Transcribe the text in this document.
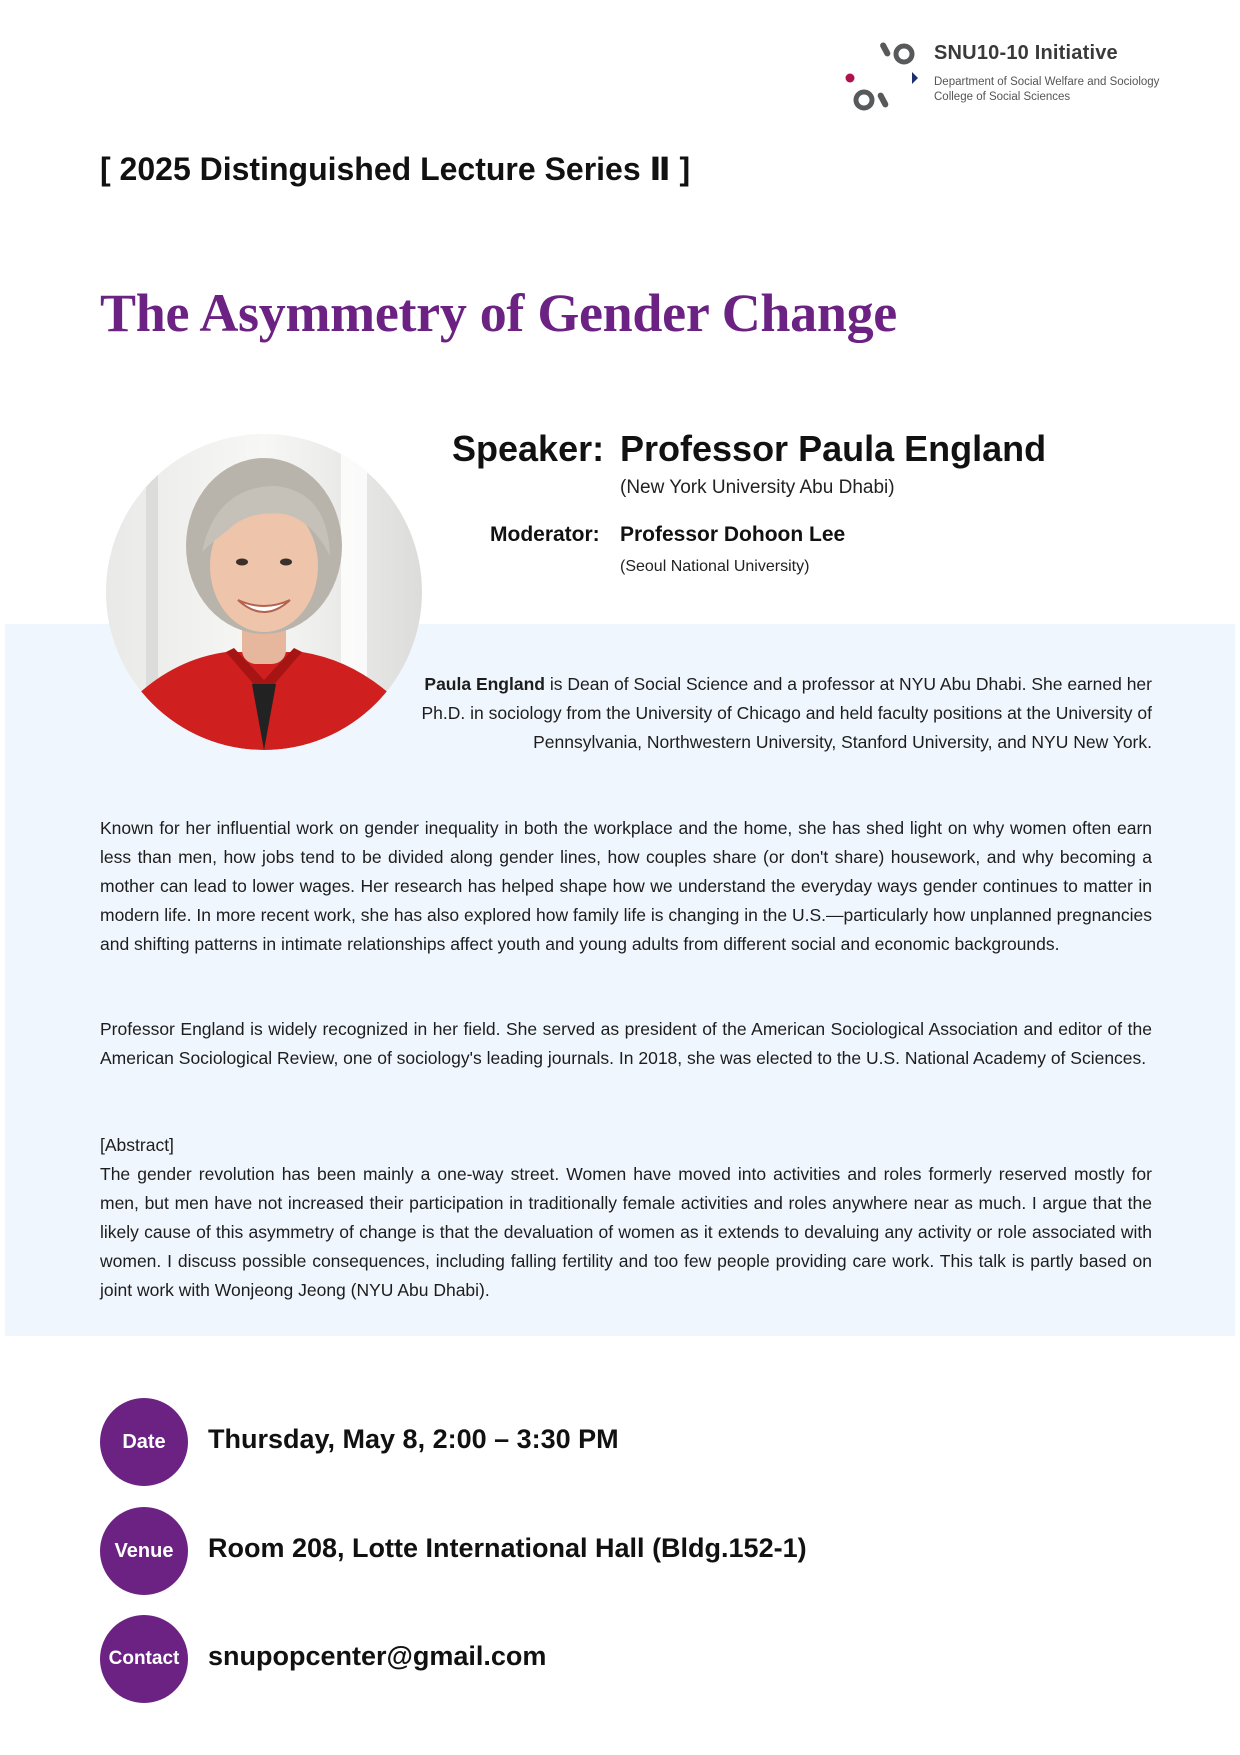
SNU10-10 Initiative
Department of Social Welfare and Sociology
College of Social Sciences
[ 2025 Distinguished Lecture Series Ⅱ ]
The Asymmetry of Gender Change
Speaker: Professor Paula England
(New York University Abu Dhabi)
Moderator: Professor Dohoon Lee
(Seoul National University)
Paula England is Dean of Social Science and a professor at NYU Abu Dhabi. She earned her Ph.D. in sociology from the University of Chicago and held faculty positions at the University of Pennsylvania, Northwestern University, Stanford University, and NYU New York.
Known for her influential work on gender inequality in both the workplace and the home, she has shed light on why women often earn less than men, how jobs tend to be divided along gender lines, how couples share (or don't share) housework, and why becoming a mother can lead to lower wages. Her research has helped shape how we understand the everyday ways gender continues to matter in modern life. In more recent work, she has also explored how family life is changing in the U.S.—particularly how unplanned pregnancies and shifting patterns in intimate relationships affect youth and young adults from different social and economic backgrounds.
Professor England is widely recognized in her field. She served as president of the American Sociological Association and editor of the American Sociological Review, one of sociology's leading journals. In 2018, she was elected to the U.S. National Academy of Sciences.
[Abstract]
The gender revolution has been mainly a one-way street. Women have moved into activities and roles formerly reserved mostly for men, but men have not increased their participation in traditionally female activities and roles anywhere near as much. I argue that the likely cause of this asymmetry of change is that the devaluation of women as it extends to devaluing any activity or role associated with women. I discuss possible consequences, including falling fertility and too few people providing care work. This talk is partly based on joint work with Wonjeong Jeong (NYU Abu Dhabi).
Date	Thursday, May 8, 2:00 – 3:30 PM
Venue	Room 208, Lotte International Hall (Bldg.152-1)
Contact	snupopcenter@gmail.com
